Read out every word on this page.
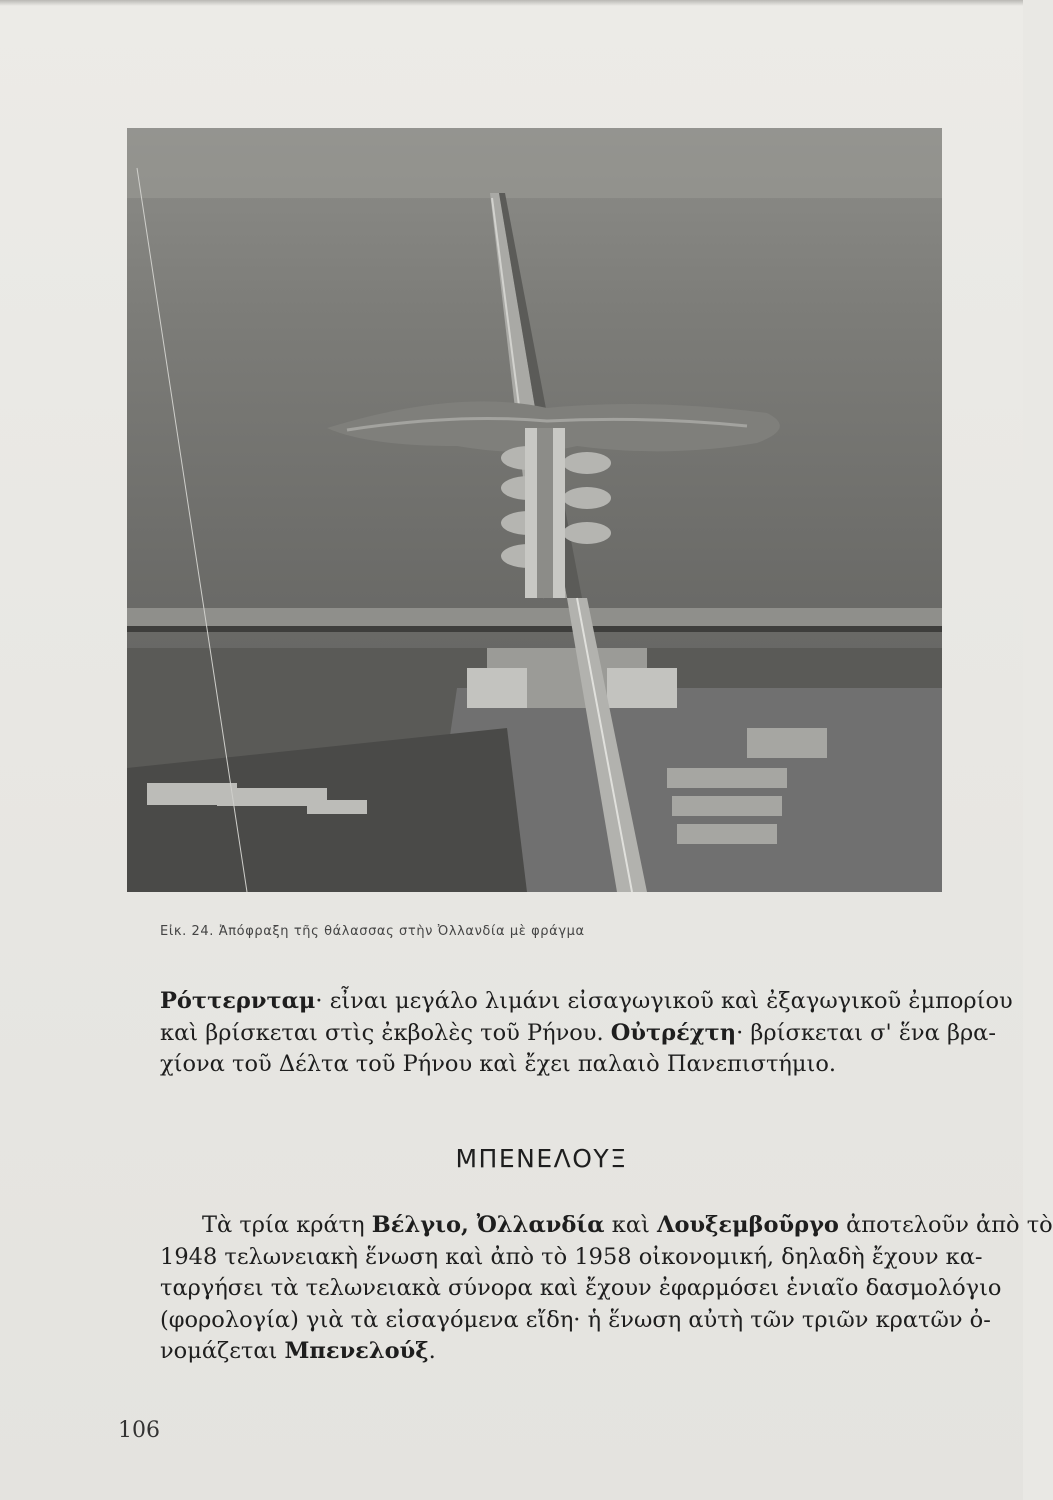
Εἰκ. 24. Ἀπόφραξη τῆς θάλασσας στὴν Ὀλλανδία μὲ φράγμα
Ρόττερνταμ· εἶναι μεγάλο λιμάνι εἰσαγωγικοῦ καὶ ἐξαγωγικοῦ ἐμπορίου
καὶ βρίσκεται στὶς ἐκβολὲς τοῦ Ρήνου. Οὐτρέχτη· βρίσκεται σ' ἕνα βρα-
χίονα τοῦ Δέλτα τοῦ Ρήνου καὶ ἔχει παλαιὸ Πανεπιστήμιο.
ΜΠΕΝΕΛΟΥΞ
Τὰ τρία κράτη Βέλγιο, Ὀλλανδία καὶ Λουξεμβοῦργο ἀποτελοῦν ἀπὸ τὸ
1948 τελωνειακὴ ἕνωση καὶ ἀπὸ τὸ 1958 οἰκονομική, δηλαδὴ ἔχουν κα-
ταργήσει τὰ τελωνειακὰ σύνορα καὶ ἔχουν ἐφαρμόσει ἑνιαῖο δασμολόγιο
(φορολογία) γιὰ τὰ εἰσαγόμενα εἴδη· ἡ ἕνωση αὐτὴ τῶν τριῶν κρατῶν ὀ-
νομάζεται Μπενελούξ.
106
